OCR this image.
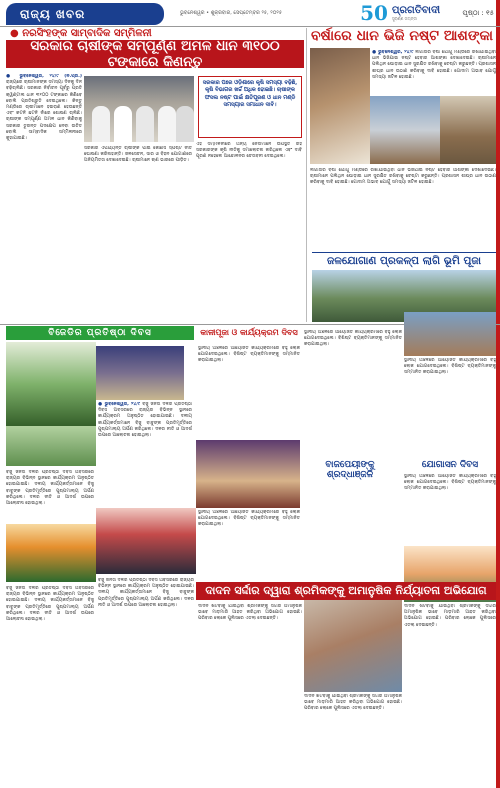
ରାଜ୍ୟ ଖବର	ଭୁବନେଶ୍ୱର • ଶୁକ୍ରବାର, ସେପ୍ଟେମ୍ବର ୨୫, ୨୦୨୫	50 ପ୍ରଗତିବାଦୀ
ସୁବର୍ଣ୍ଣ ଜୟନ୍ତୀ
ପୃଷ୍ଠା : ୧୫
● ନରସିଂହଙ୍କ ସାମ୍ବାଦିକ ସମ୍ମିଳନୀ
ସରକାର ଚାଷୀଙ୍କ ସମ୍ପୂର୍ଣ୍ଣ ଅମଳ ଧାନ ୩୧୦୦ ଟଙ୍କାରେ କିଣନ୍ତୁ
● ଭୁବନେଶ୍ୱର, ୨୪/୯ (ନି.ପ୍ର.) ରାଜ୍ୟରେ ଚାଷୀମାନଙ୍କ ସମସ୍ୟା ଦିନକୁ ଦିନ ବଢ଼ିଚାଲିଛି। ସରକାର ନିର୍ବାଚନ ପୂର୍ବରୁ ପ୍ରତି କ୍ୱିଣ୍ଟାଲ ଧାନ ୩୧୦୦ ଟଙ୍କାରେ କିଣିବେ ବୋଲି ପ୍ରତିଶ୍ରୁତି ଦେଇଥିଲେ। କିନ୍ତୁ ମଣ୍ଡିରେ ଚାଷୀମାନେ ହଇରାଣ ହେଉଛନ୍ତି ଏବଂ କଟନି ଛଟନି ନାଁରେ ଶୋଷଣ ଚାଲିଛି। ଚାଷୀଙ୍କ ସମ୍ପୂର୍ଣ୍ଣ ଅମଳ ଧାନ କିଣିବାକୁ ସରକାର ତୁରନ୍ତ ପଦକ୍ଷେପ ନେବା ଉଚିତ ବୋଲି ସାମ୍ବାଦିକ ସମ୍ମିଳନୀରେ କୁହାଯାଇଛି।
ସରକାର ପରେ ଓଡ଼ିଶାରେ କୃଷି ସମସ୍ୟା ବଢ଼ିଛି, କୃଷି ବିଭାଗର ଖର୍ଚ୍ଚ ଅଧିକ ହୋଇଛି। ଚାଷୀଙ୍କ ଫସଲ ନଷ୍ଟ ପାଇଁ କ୍ଷତିପୂରଣ ଓ ଧାନ ମଣ୍ଡି ସମସ୍ୟାର ସମାଧାନ ଦାବି।
ସରକାର ଏପର୍ଯ୍ୟନ୍ତ ଚାଷୀଙ୍କ ପାଇଁ କୌଣସି ସ୍ପଷ୍ଟ ନୀତି ଘୋଷଣା କରିନାହାନ୍ତି। ଜଳସେଚନ, ସାର ଓ ବିହନ ଯୋଗାଣରେ ଅନିୟମିତତା ଦେଖାଦେଇଛି। ଚାଷୀମାନେ ଋଣ ଭାରରେ ପୀଡ଼ିତ।
ଏହି ସମ୍ମିଳନୀରେ ଅନ୍ୟ ନେତାମାନେ ଉପସ୍ଥିତ ରହି ସରକାରଙ୍କ କୃଷି ନୀତିକୁ ସମାଲୋଚନା କରିଥିଲେ ଏବଂ ଦାବି ପୂରଣ ନହେଲେ ଆନ୍ଦୋଳନର ଚେତାବନୀ ଦେଇଥିଲେ।
ବର୍ଷାରେ ଧାନ ଭିଜି ନଷ୍ଟ ଆଶଙ୍କା
● ଭୁବନେଶ୍ୱର, ୨୪/୯ ଲଗାତାର ବର୍ଷା ଯୋଗୁଁ ମଣ୍ଡିରେ ରଖାଯାଇଥିବା ଧାନ ଭିଜିଯାଇ ନଷ୍ଟ ହେବାର ଆଶଙ୍କା ଦେଖାଦେଇଛି। ଚାଷୀମାନେ ପଲିଥିନ ଘୋଡ଼ାଇ ଧାନ ସୁରକ୍ଷିତ ରଖିବାକୁ ଚେଷ୍ଟା କରୁଛନ୍ତି। ପ୍ରଶାସନ ଶୀଘ୍ର ଧାନ ଉଠାଣ କରିବାକୁ ଦାବି ହୋଇଛି। ଗୋଦାମ ଅଭାବ ଯୋଗୁଁ ସମସ୍ୟା ଜଟିଳ ହୋଇଛି।
ଲଗାତାର ବର୍ଷା ଯୋଗୁଁ ମଣ୍ଡିରେ ରଖାଯାଇଥିବା ଧାନ ଭିଜିଯାଇ ନଷ୍ଟ ହେବାର ଆଶଙ୍କା ଦେଖାଦେଇଛି। ଚାଷୀମାନେ ପଲିଥିନ ଘୋଡ଼ାଇ ଧାନ ସୁରକ୍ଷିତ ରଖିବାକୁ ଚେଷ୍ଟା କରୁଛନ୍ତି। ପ୍ରଶାସନ ଶୀଘ୍ର ଧାନ ଉଠାଣ କରିବାକୁ ଦାବି ହୋଇଛି। ଗୋଦାମ ଅଭାବ ଯୋଗୁଁ ସମସ୍ୟା ଜଟିଳ ହୋଇଛି।
ଜଳଯୋଗାଣ ପ୍ରକଳ୍ପ ଲାଗି ଭୂମି ପୂଜା
ବିଜେଡିର ପ୍ରତିଷ୍ଠା ଦିବସ
● ଭୁବନେଶ୍ୱର, ୨୪/୯ ବିଜୁ ଜନତା ଦଳର ପ୍ରତିଷ୍ଠା ଦିବସ ଅବସରରେ ରାଜ୍ୟର ବିଭିନ୍ନ ସ୍ଥାନରେ କାର୍ଯ୍ୟକ୍ରମ ଅନୁଷ୍ଠିତ ହୋଇଯାଇଛି। ଦଳୀୟ କାର୍ଯ୍ୟକର୍ତ୍ତାମାନେ ବିଜୁ ବାବୁଙ୍କ ପ୍ରତିମୂର୍ତ୍ତିରେ ପୁଷ୍ପମାଲ୍ୟ ଅର୍ପଣ କରିଥିଲେ। ଦଳର ନୀତି ଓ ଆଦର୍ଶ ଉପରେ ଆଲୋଚନା ହୋଇଥିଲା।
ବିଜୁ ଜନତା ଦଳର ପ୍ରତିଷ୍ଠା ଦିବସ ଅବସରରେ ରାଜ୍ୟର ବିଭିନ୍ନ ସ୍ଥାନରେ କାର୍ଯ୍ୟକ୍ରମ ଅନୁଷ୍ଠିତ ହୋଇଯାଇଛି। ଦଳୀୟ କାର୍ଯ୍ୟକର୍ତ୍ତାମାନେ ବିଜୁ ବାବୁଙ୍କ ପ୍ରତିମୂର୍ତ୍ତିରେ ପୁଷ୍ପମାଲ୍ୟ ଅର୍ପଣ କରିଥିଲେ। ଦଳର ନୀତି ଓ ଆଦର୍ଶ ଉପରେ ଆଲୋଚନା ହୋଇଥିଲା।
ବିଜୁ ଜନତା ଦଳର ପ୍ରତିଷ୍ଠା ଦିବସ ଅବସରରେ ରାଜ୍ୟର ବିଭିନ୍ନ ସ୍ଥାନରେ କାର୍ଯ୍ୟକ୍ରମ ଅନୁଷ୍ଠିତ ହୋଇଯାଇଛି। ଦଳୀୟ କାର୍ଯ୍ୟକର୍ତ୍ତାମାନେ ବିଜୁ ବାବୁଙ୍କ ପ୍ରତିମୂର୍ତ୍ତିରେ ପୁଷ୍ପମାଲ୍ୟ ଅର୍ପଣ କରିଥିଲେ। ଦଳର ନୀତି ଓ ଆଦର୍ଶ ଉପରେ ଆଲୋଚନା ହୋଇଥିଲା।
ବିଜୁ ଜନତା ଦଳର ପ୍ରତିଷ୍ଠା ଦିବସ ଅବସରରେ ରାଜ୍ୟର ବିଭିନ୍ନ ସ୍ଥାନରେ କାର୍ଯ୍ୟକ୍ରମ ଅନୁଷ୍ଠିତ ହୋଇଯାଇଛି। ଦଳୀୟ କାର୍ଯ୍ୟକର୍ତ୍ତାମାନେ ବିଜୁ ବାବୁଙ୍କ ପ୍ରତିମୂର୍ତ୍ତିରେ ପୁଷ୍ପମାଲ୍ୟ ଅର୍ପଣ କରିଥିଲେ। ଦଳର ନୀତି ଓ ଆଦର୍ଶ ଉପରେ ଆଲୋଚନା ହୋଇଥିଲା।
କାଳୀପୂଜା ଓ କାର୍ଯ୍ୟକ୍ରମ ଦିବସ
ସ୍ଥାନୀୟ ଅଞ୍ଚଳରେ ଆୟୋଜିତ କାର୍ଯ୍ୟକ୍ରମରେ ବହୁ ଲୋକ ଯୋଗଦେଇଥିଲେ। ବିଶିଷ୍ଟ ବ୍ୟକ୍ତିମାନଙ୍କୁ ସମ୍ମାନିତ କରାଯାଇଥିଲା।
ସ୍ଥାନୀୟ ଅଞ୍ଚଳରେ ଆୟୋଜିତ କାର୍ଯ୍ୟକ୍ରମରେ ବହୁ ଲୋକ ଯୋଗଦେଇଥିଲେ। ବିଶିଷ୍ଟ ବ୍ୟକ୍ତିମାନଙ୍କୁ ସମ୍ମାନିତ କରାଯାଇଥିଲା।
ସ୍ଥାନୀୟ ଅଞ୍ଚଳରେ ଆୟୋଜିତ କାର୍ଯ୍ୟକ୍ରମରେ ବହୁ ଲୋକ ଯୋଗଦେଇଥିଲେ। ବିଶିଷ୍ଟ ବ୍ୟକ୍ତିମାନଙ୍କୁ ସମ୍ମାନିତ କରାଯାଇଥିଲା।
ସ୍ଥାନୀୟ ଅଞ୍ଚଳରେ ଆୟୋଜିତ କାର୍ଯ୍ୟକ୍ରମରେ ବହୁ ଲୋକ ଯୋଗଦେଇଥିଲେ। ବିଶିଷ୍ଟ ବ୍ୟକ୍ତିମାନଙ୍କୁ ସମ୍ମାନିତ କରାଯାଇଥିଲା।
ବାଜପେୟୀଙ୍କୁ ଶ୍ରଦ୍ଧାଞ୍ଜଳି
ଯୋଗାସନ ଦିବସ
ସ୍ଥାନୀୟ ଅଞ୍ଚଳରେ ଆୟୋଜିତ କାର୍ଯ୍ୟକ୍ରମରେ ବହୁ ଲୋକ ଯୋଗଦେଇଥିଲେ। ବିଶିଷ୍ଟ ବ୍ୟକ୍ତିମାନଙ୍କୁ ସମ୍ମାନିତ କରାଯାଇଥିଲା।
ଦାଦନ ସର୍ଦ୍ଦାର ଦ୍ୱାରା ଶ୍ରମିକଙ୍କୁ ଅମାନୁଷିକ ନିର୍ଯ୍ୟାତନା ଅଭିଯୋଗ
ଦାଦନ ଖଟିବାକୁ ଯାଇଥିବା ଶ୍ରମିକଙ୍କୁ ସର୍ଦ୍ଦାର ଅମାନୁଷିକ ଭାବେ ମାଡ଼ମାରି ଆହତ କରିଥିବା ଅଭିଯୋଗ ହୋଇଛି। ପରିବାର ଲୋକେ ପୁଲିସରେ ଏତଲା ଦେଇଛନ୍ତି।
ଦାଦନ ଖଟିବାକୁ ଯାଇଥିବା ଶ୍ରମିକଙ୍କୁ ସର୍ଦ୍ଦାର ଅମାନୁଷିକ ଭାବେ ମାଡ଼ମାରି ଆହତ କରିଥିବା ଅଭିଯୋଗ ହୋଇଛି। ପରିବାର ଲୋକେ ପୁଲିସରେ ଏତଲା ଦେଇଛନ୍ତି।
ଦାଦନ ଖଟିବାକୁ ଯାଇଥିବା ଶ୍ରମିକଙ୍କୁ ସର୍ଦ୍ଦାର ଅମାନୁଷିକ ଭାବେ ମାଡ଼ମାରି ଆହତ କରିଥିବା ଅଭିଯୋଗ ହୋଇଛି। ପରିବାର ଲୋକେ ପୁଲିସରେ ଏତଲା ଦେଇଛନ୍ତି।
